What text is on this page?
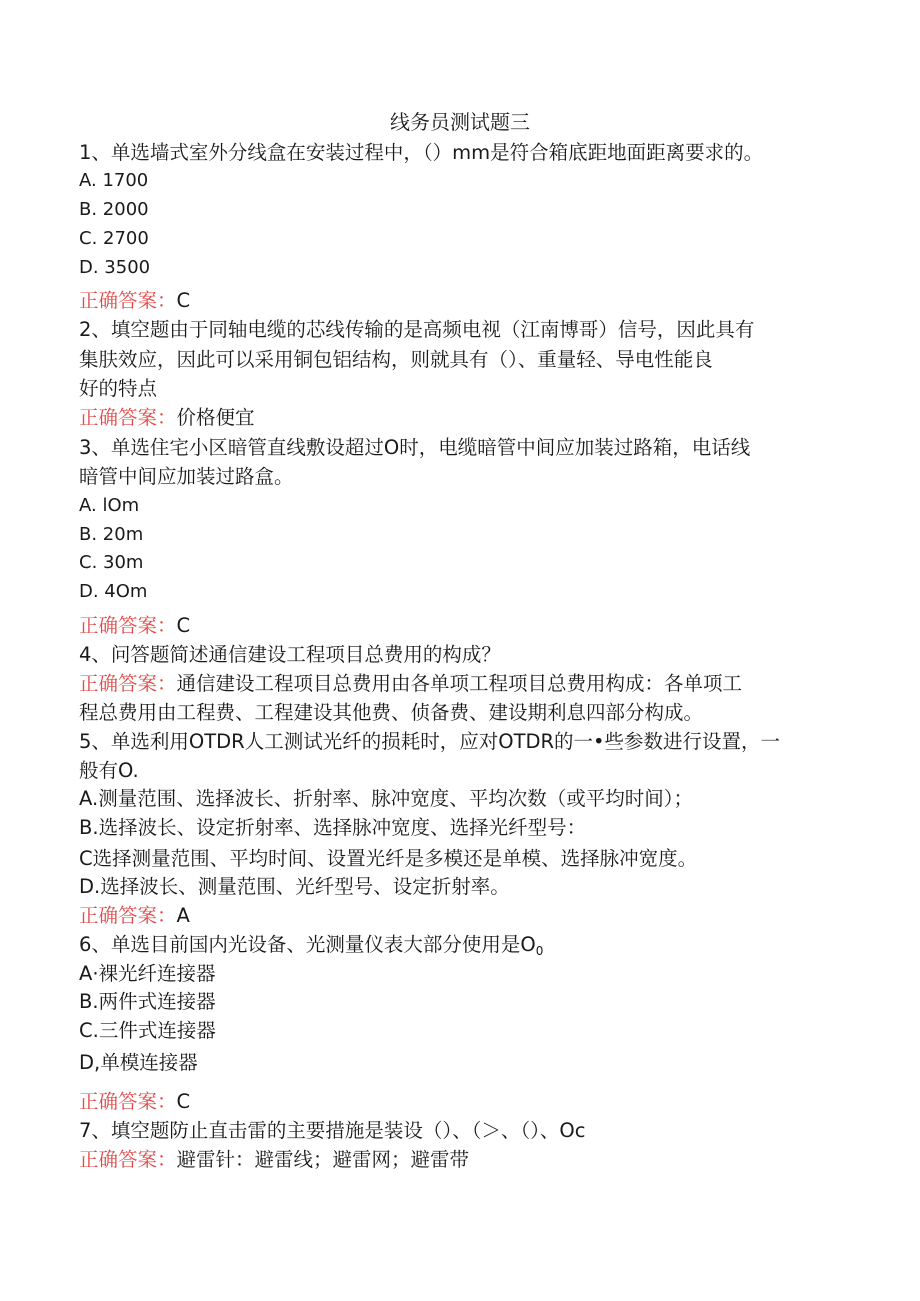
线务员测试题三
1、单选墙式室外分线盒在安装过程中，（）mm是符合箱底距地面距离要求的。
A. 1700
B. 2000
C. 2700
D. 3500
正确答案：C
2、填空题由于同轴电缆的芯线传输的是高频电视（江南博哥）信号，因此具有
集肤效应，因此可以采用铜包铝结构，则就具有（）、重量轻、导电性能良
好的特点
正确答案：价格便宜
3、单选住宅小区暗管直线敷设超过O时，电缆暗管中间应加装过路箱，电话线
暗管中间应加装过路盒。
A. lOm
B. 20m
C. 30m
D. 4Om
正确答案：C
4、问答题简述通信建设工程项目总费用的构成？
正确答案：通信建设工程项目总费用由各单项工程项目总费用构成：各单项工
程总费用由工程费、工程建设其他费、侦备费、建设期利息四部分构成。
5、单选利用OTDR人工测试光纤的损耗时，应对OTDR的一•些参数进行设置，一
般有O.
A.测量范围、选择波长、折射率、脉冲宽度、平均次数（或平均时间）；
B.选择波长、设定折射率、选择脉冲宽度、选择光纤型号：
C选择测量范围、平均时间、设置光纤是多模还是单模、选择脉冲宽度。
D.选择波长、测量范围、光纤型号、设定折射率。
正确答案：A
6、单选目前国内光设备、光测量仪表大部分使用是$O_0$
A·裸光纤连接器
B.两件式连接器
C.三件式连接器
D,单模连接器
正确答案：C
7、填空题防止直击雷的主要措施是装设（）、（＞、（）、Oc
正确答案：避雷针：避雷线；避雷网；避雷带
